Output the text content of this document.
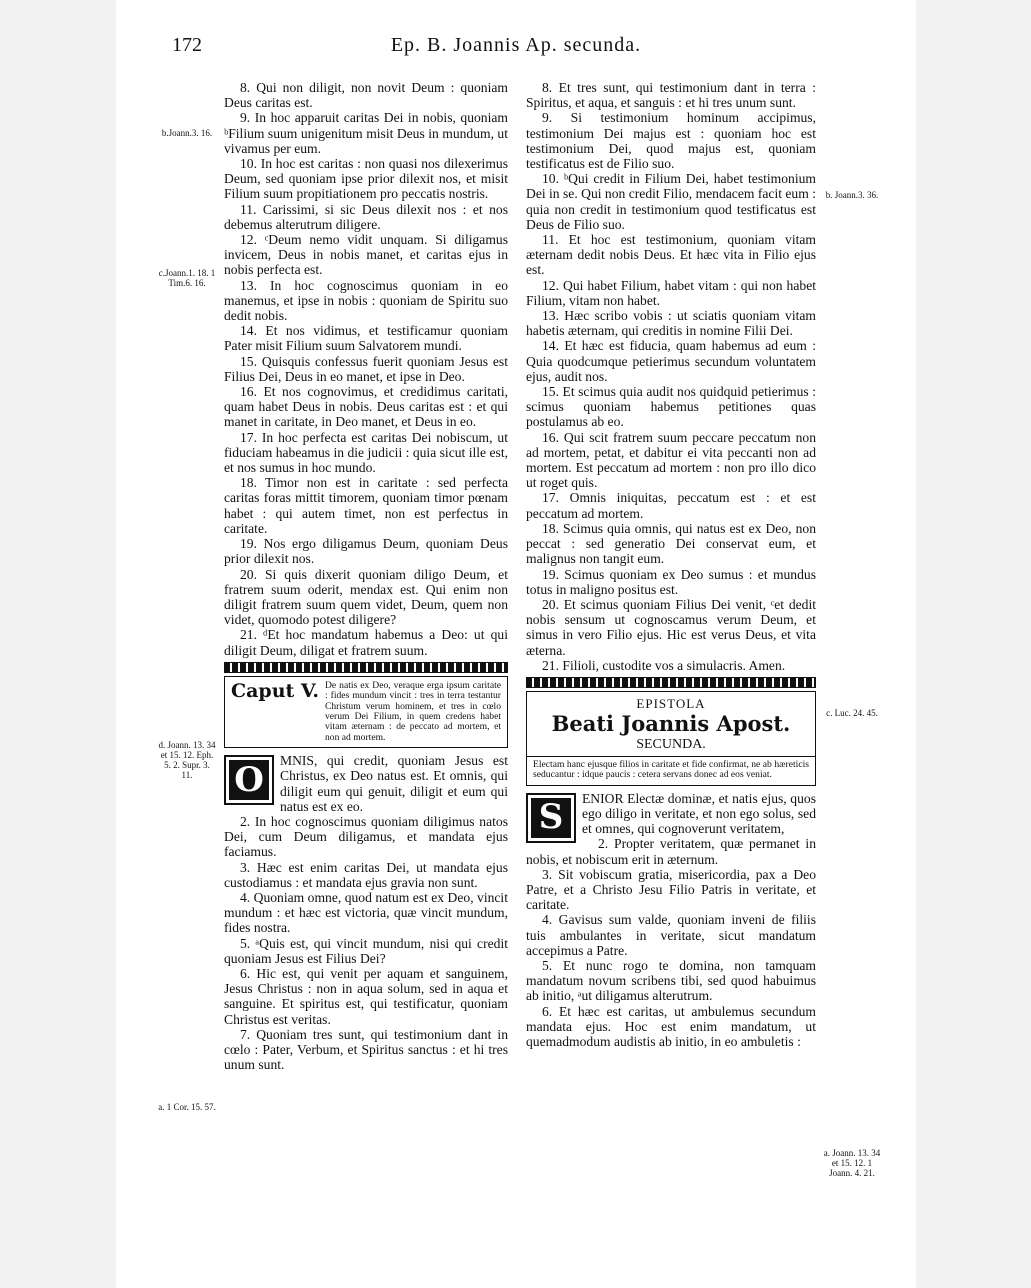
172	Ep. B. Joannis Ap. secunda.
b.Joann.3. 16.
c.Joann.1. 18. 1 Tim.6. 16.
d. Joann. 13. 34 et 15. 12. Eph. 5. 2. Supr. 3. 11.
a. 1 Cor. 15. 57.
b. Joann.3. 36.
c. Luc. 24. 45.
a. Joann. 13. 34 et 15. 12. 1 Joann. 4. 21.

8. Qui non diligit, non novit Deum : quoniam Deus caritas est.

9. In hoc apparuit caritas Dei in nobis, quoniam ᵇFilium suum unigenitum misit Deus in mundum, ut vivamus per eum.

10. In hoc est caritas : non quasi nos dilexerimus Deum, sed quoniam ipse prior dilexit nos, et misit Filium suum propitiationem pro peccatis nostris.

11. Carissimi, si sic Deus dilexit nos : et nos debemus alterutrum diligere.

12. ᶜDeum nemo vidit unquam. Si diligamus invicem, Deus in nobis manet, et caritas ejus in nobis perfecta est.

13. In hoc cognoscimus quoniam in eo manemus, et ipse in nobis : quoniam de Spiritu suo dedit nobis.

14. Et nos vidimus, et testificamur quoniam Pater misit Filium suum Salvatorem mundi.

15. Quisquis confessus fuerit quoniam Jesus est Filius Dei, Deus in eo manet, et ipse in Deo.

16. Et nos cognovimus, et credidimus caritati, quam habet Deus in nobis. Deus caritas est : et qui manet in caritate, in Deo manet, et Deus in eo.

17. In hoc perfecta est caritas Dei nobiscum, ut fiduciam habeamus in die judicii : quia sicut ille est, et nos sumus in hoc mundo.

18. Timor non est in caritate : sed perfecta caritas foras mittit timorem, quoniam timor pœnam habet : qui autem timet, non est perfectus in caritate.

19. Nos ergo diligamus Deum, quoniam Deus prior dilexit nos.

20. Si quis dixerit quoniam diligo Deum, et fratrem suum oderit, mendax est. Qui enim non diligit fratrem suum quem videt, Deum, quem non videt, quomodo potest diligere?

21. ᵈEt hoc mandatum habemus a Deo: ut qui diligit Deum, diligat et fratrem suum.

Caput V. De natis ex Deo, veraque erga ipsum caritate : fides mundum vincit : tres in terra testantur Christum verum hominem, et tres in cœlo verum Dei Filium, in quem credens habet vitam æternam : de peccato ad mortem, et non ad mortem.
O	MNIS, qui credit, quoniam Jesus est Christus, ex Deo natus est. Et omnis, qui diligit eum qui genuit, diligit et eum qui natus est ex eo.

2. In hoc cognoscimus quoniam diligimus natos Dei, cum Deum diligamus, et mandata ejus faciamus.

3. Hæc est enim caritas Dei, ut mandata ejus custodiamus : et mandata ejus gravia non sunt.

4. Quoniam omne, quod natum est ex Deo, vincit mundum : et hæc est victoria, quæ vincit mundum, fides nostra.

5. ᵃQuis est, qui vincit mundum, nisi qui credit quoniam Jesus est Filius Dei?

6. Hic est, qui venit per aquam et sanguinem, Jesus Christus : non in aqua solum, sed in aqua et sanguine. Et spiritus est, qui testificatur, quoniam Christus est veritas.

7. Quoniam tres sunt, qui testimonium dant in cœlo : Pater, Verbum, et Spiritus sanctus : et hi tres unum sunt.

8. Et tres sunt, qui testimonium dant in terra : Spiritus, et aqua, et sanguis : et hi tres unum sunt.

9. Si testimonium hominum accipimus, testimonium Dei majus est : quoniam hoc est testimonium Dei, quod majus est, quoniam testificatus est de Filio suo.

10. ᵇQui credit in Filium Dei, habet testimonium Dei in se. Qui non credit Filio, mendacem facit eum : quia non credit in testimonium quod testificatus est Deus de Filio suo.

11. Et hoc est testimonium, quoniam vitam æternam dedit nobis Deus. Et hæc vita in Filio ejus est.

12. Qui habet Filium, habet vitam : qui non habet Filium, vitam non habet.

13. Hæc scribo vobis : ut sciatis quoniam vitam habetis æternam, qui creditis in nomine Filii Dei.

14. Et hæc est fiducia, quam habemus ad eum : Quia quodcumque petierimus secundum voluntatem ejus, audit nos.

15. Et scimus quia audit nos quidquid petierimus : scimus quoniam habemus petitiones quas postulamus ab eo.

16. Qui scit fratrem suum peccare peccatum non ad mortem, petat, et dabitur ei vita peccanti non ad mortem. Est peccatum ad mortem : non pro illo dico ut roget quis.

17. Omnis iniquitas, peccatum est : et est peccatum ad mortem.

18. Scimus quia omnis, qui natus est ex Deo, non peccat : sed generatio Dei conservat eum, et malignus non tangit eum.

19. Scimus quoniam ex Deo sumus : et mundus totus in maligno positus est.

20. Et scimus quoniam Filius Dei venit, ᶜet dedit nobis sensum ut cognoscamus verum Deum, et simus in vero Filio ejus. Hic est verus Deus, et vita æterna.

21. Filioli, custodite vos a simulacris. Amen.

EPISTOLA
Beati Joannis Apost.
SECUNDA.
Electam hanc ejusque filios in caritate et fide confirmat, ne ab hæreticis seducantur : idque paucis : cetera servans donec ad eos veniat.
S	ENIOR Electæ dominæ, et natis ejus, quos ego diligo in veritate, et non ego solus, sed et omnes, qui cognoverunt veritatem,

2. Propter veritatem, quæ permanet in nobis, et nobiscum erit in æternum.

3. Sit vobiscum gratia, misericordia, pax a Deo Patre, et a Christo Jesu Filio Patris in veritate, et caritate.

4. Gavisus sum valde, quoniam inveni de filiis tuis ambulantes in veritate, sicut mandatum accepimus a Patre.

5. Et nunc rogo te domina, non tamquam mandatum novum scribens tibi, sed quod habuimus ab initio, ᵃut diligamus alterutrum.

6. Et hæc est caritas, ut ambulemus secundum mandata ejus. Hoc est enim mandatum, ut quemadmodum audistis ab initio, in eo ambuletis :
